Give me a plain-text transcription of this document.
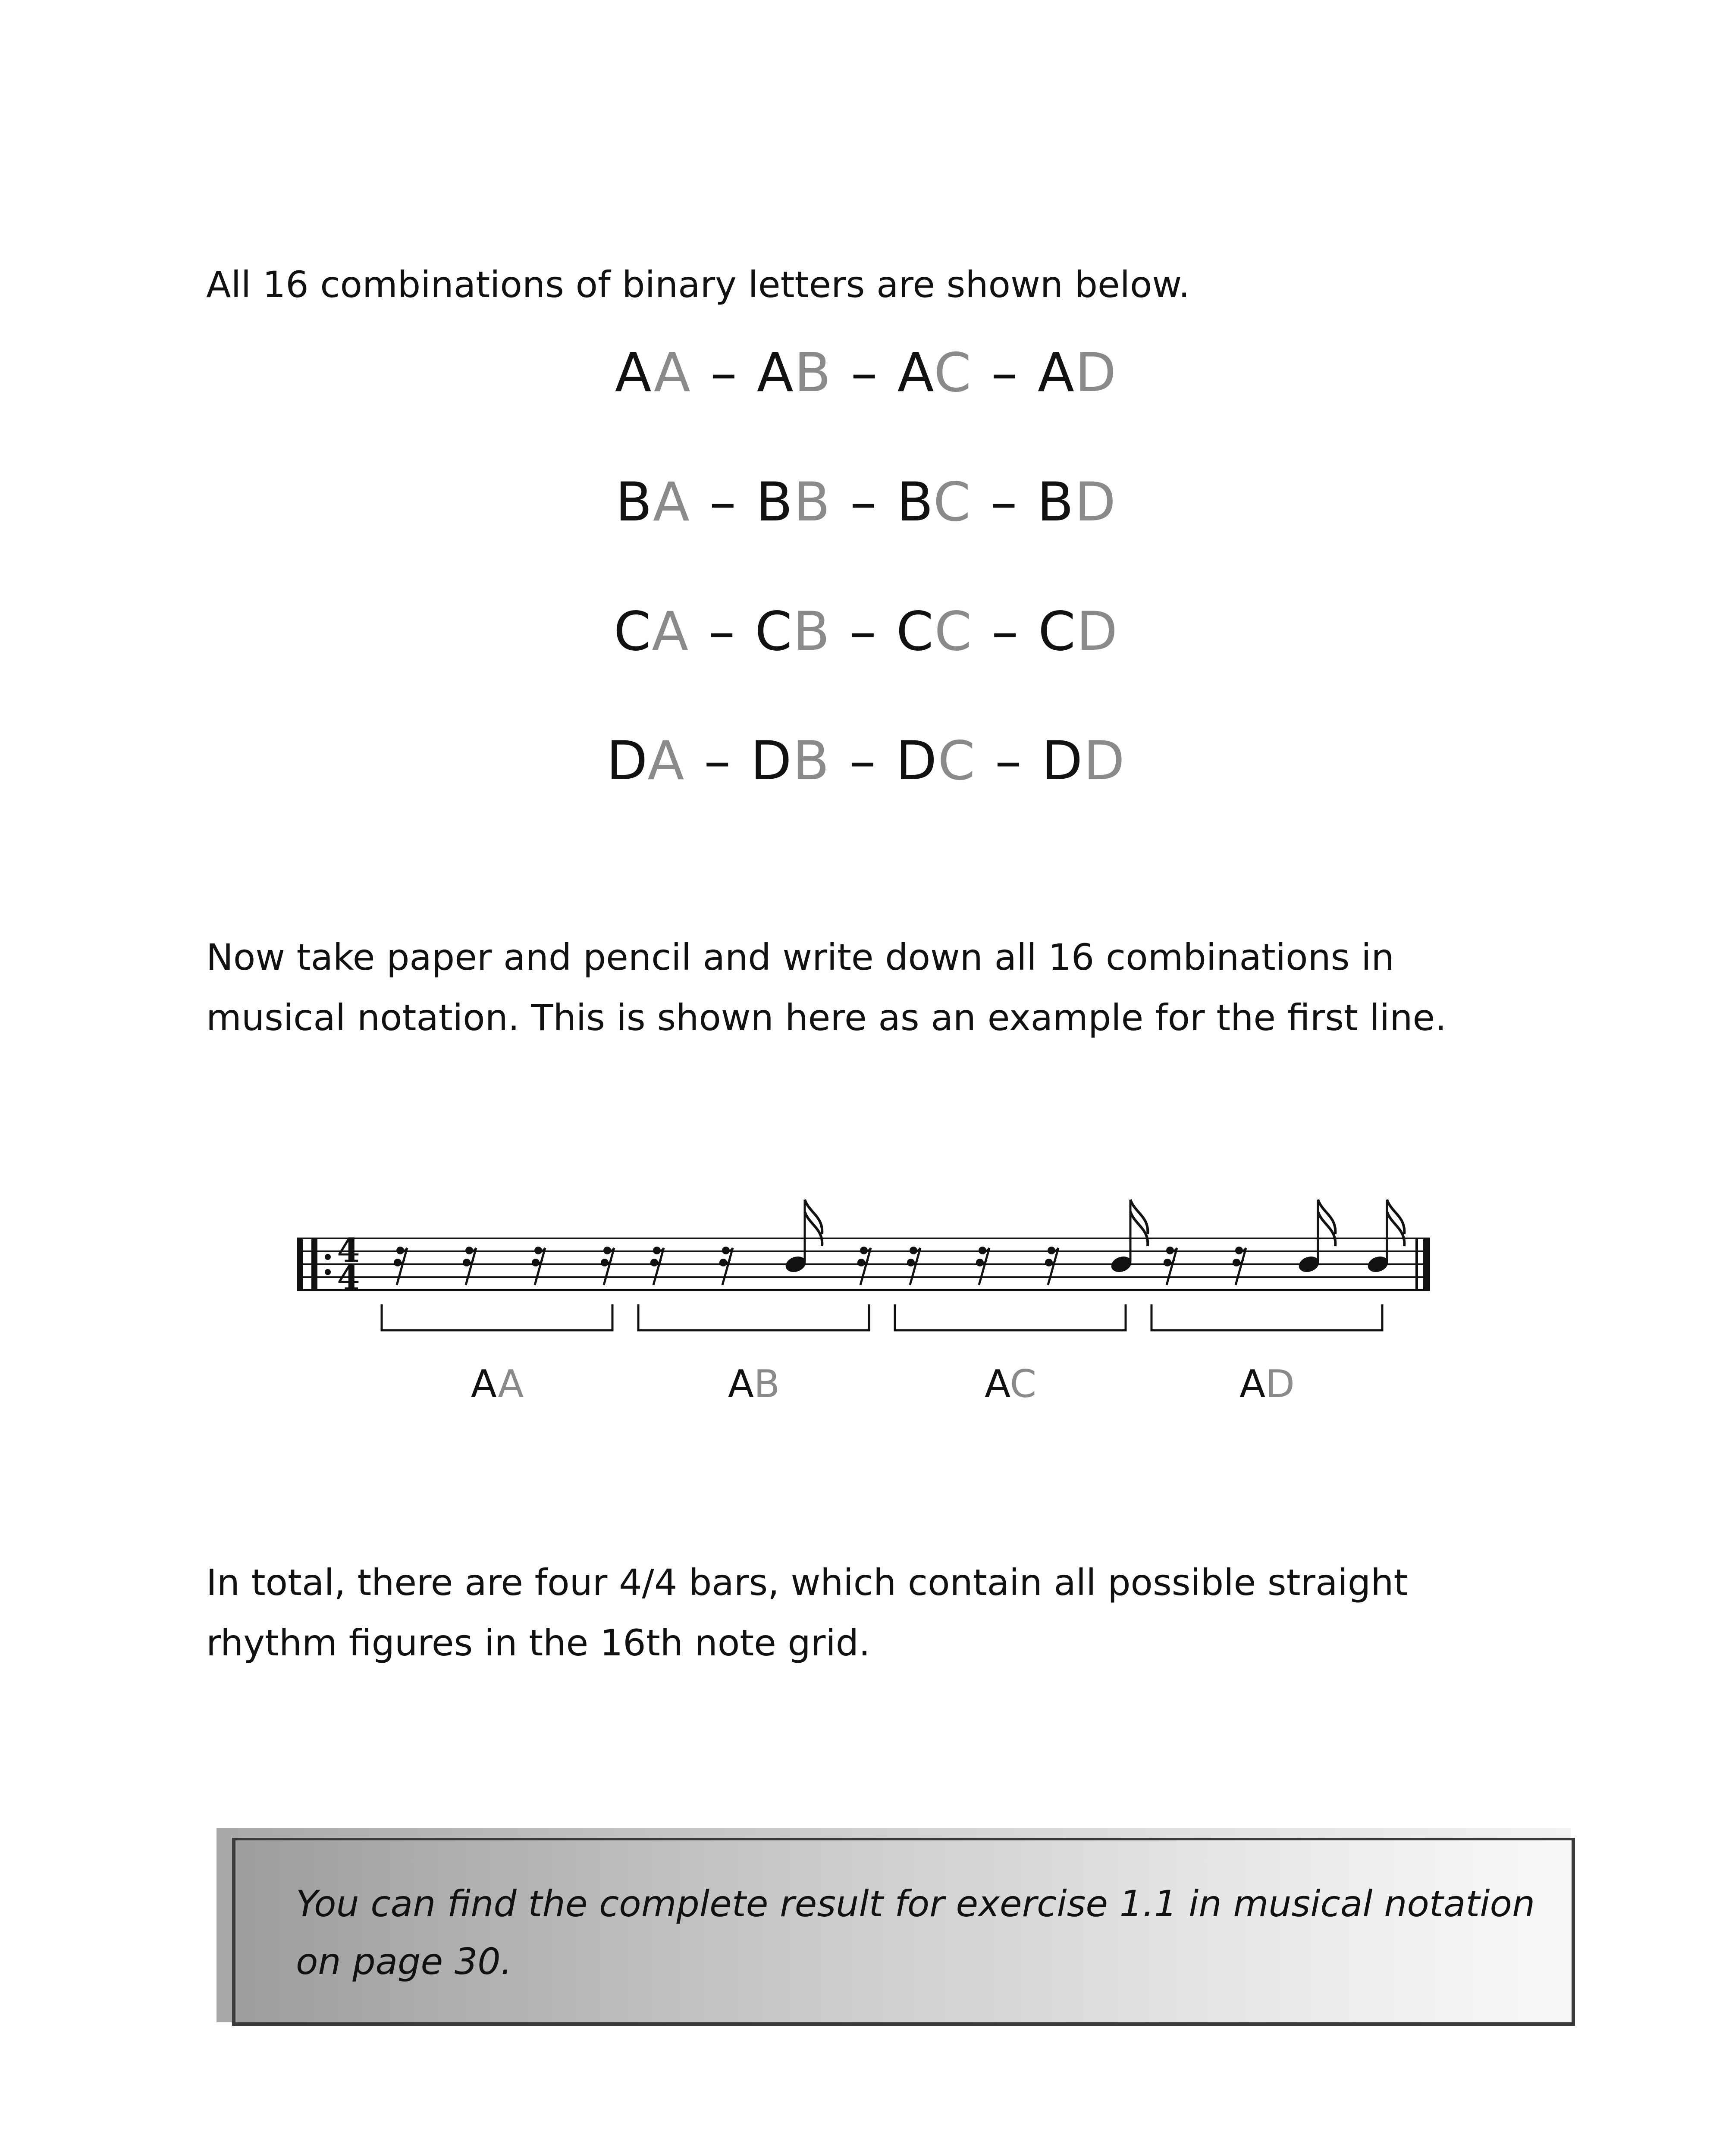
All 16 combinations of binary letters are shown below.

AA – AB – AC – AD
BA – BB – BC – BD
CA – CB – CC – CD
DA – DB – DC – DD

Now take paper and pencil and write down all 16 combinations in musical notation. This is shown here as an example for the first line.

4
4
AA	AB	AC	AD

In total, there are four 4/4 bars, which contain all possible straight rhythm figures in the 16th note grid.

You can find the complete result for exercise 1.1 in musical notation on page 30.
